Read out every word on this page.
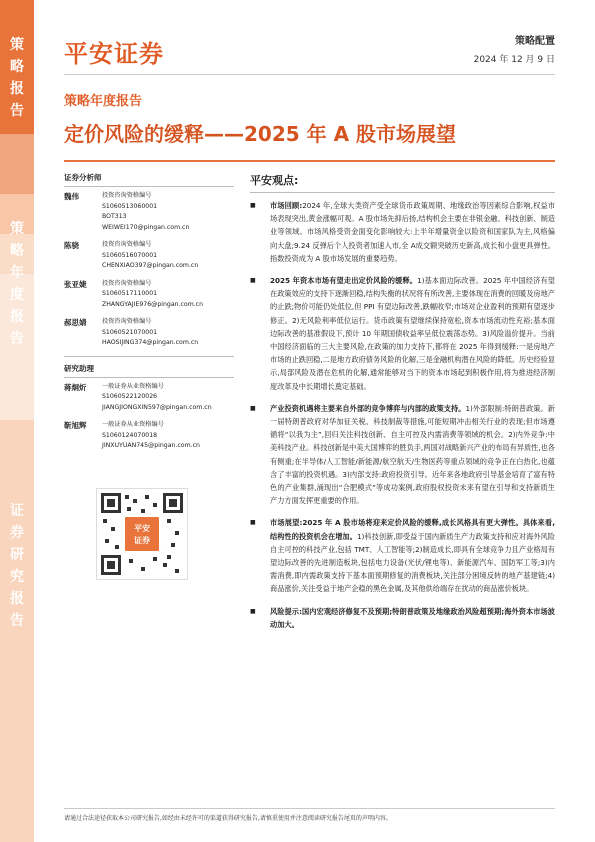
策
略
报
告
策
略
年
度
报
告
证
券
研
究
报
告
平安证券	策略配置
2024 年 12 月 9 日
策略年度报告
定价风险的缓释——2025 年 A 股市场展望
证券分析师
魏伟	投资咨询资格编号
S1060513060001
BOT313
WEIWEI170@pingan.com.cn
陈骁	投资咨询资格编号
S1060516070001
CHENXIAO397@pingan.com.cn
张亚婕	投资咨询资格编号
S1060517110001
ZHANGYAJIE976@pingan.com.cn
郝思婧	投资咨询资格编号
S1060521070001
HAOSIJING374@pingan.com.cn
研究助理
蒋炯炘	一般证券从业资格编号
S1060522120026
JIANGJIONGXIN597@pingan.com.cn
靳旭辉	一般证券从业资格编号
S1060124070018
JINXUYUAN745@pingan.com.cn
平安
证券
平安观点:
■ 市场回顾:2024 年,全球大类资产受全球货币政策周期、地缘政治等因素综合影响,权益市场表现突出,黄金涨幅可观。A 股市场先抑后扬,结构机会主要在非银金融、科技创新、制造业等领域。市场风格受资金面变化影响较大:上半年增量资金以险资和国家队为主,风格偏向大盘;9.24 反弹后个人投资者加速入市,全 A成交额突破历史新高,成长和小盘更具弹性。指数投资成为 A 股市场发展的重要趋势。
■ 2025 年资本市场有望走出定价风险的缓释。1)基本面边际改善。2025 年中国经济有望在政策效应的支持下逐渐回稳,结构失衡的状况将有所改善,主要体现在消费的回暖及房地产的止跌;物价可能仍处低位,但 PPI 有望边际改善,跌幅收窄;市场对企业盈利的预期有望逐步修正。2)无风险利率低位运行。货币政策有望继续保持宽松,资本市场流动性充裕;基本面边际改善的基准假设下,预计 10 年期国债收益率呈低位震荡态势。3)风险溢价提升。当前中国经济面临的三大主要风险,在政策的加力支持下,都将在 2025 年得到缓释:一是房地产市场的止跌回稳,二是地方政府债务风险的化解,三是金融机构潜在风险的降低。历史经验显示,局部风险及潜在危机的化解,通常能够对当下的资本市场起到积极作用,将为推进经济制度改革及中长期增长奠定基础。
■ 产业投资机遇将主要来自外部的竞争博弈与内部的政策支持。1)外部限制:特朗普政策。新一届特朗普政府对华加征关税、科技制裁等措施,可能短期冲击相关行业的表现;但市场遵循将“以我为主”,回归关注科技创新、自主可控及内需消费等领域的机会。2)内外竞争:中美科技产业。科技创新是中美大国博弈的胜负手,两国对战略新兴产业的布局有异质性,也各有侧重;在半导体/人工智能/新能源/航空航天/生物医药等重点领域的竞争正在白热化,也蕴含了丰富的投资机遇。3)内部支持:政府投资引导。近年来各地政府引导基金培育了富有特色的产业集群,涌现出“合肥模式”等成功案例,政府股权投资未来有望在引导和支持新质生产力方面发挥更重要的作用。
■ 市场展望:2025 年 A 股市场将迎来定价风险的缓释,成长风格具有更大弹性。具体来看,结构性的投资机会在增加。1)科技创新,即受益于国内新质生产力政策支持和应对海外风险自主可控的科技产业,包括 TMT、人工智能等;2)制造成长,即具有全球竞争力且产业格局有望边际改善的先进制造板块,包括电力设备(光伏/锂电等)、新能源汽车、国防军工等;3)内需消费,即内需政策支持下基本面预期修复的消费板块,关注部分困境反转的地产基建链;4)商品涨价,关注受益于地产企稳的黑色金属,及其他供给端存在扰动的商品涨价板块。
■ 风险提示:国内宏观经济修复不及预期;特朗普政策及地缘政治风险超预期;海外资本市场波动加大。
请通过合法途径获取本公司研究报告,如经由未经许可的渠道获得研究报告,请慎重使用并注意阅读研究报告尾页的声明内容。
